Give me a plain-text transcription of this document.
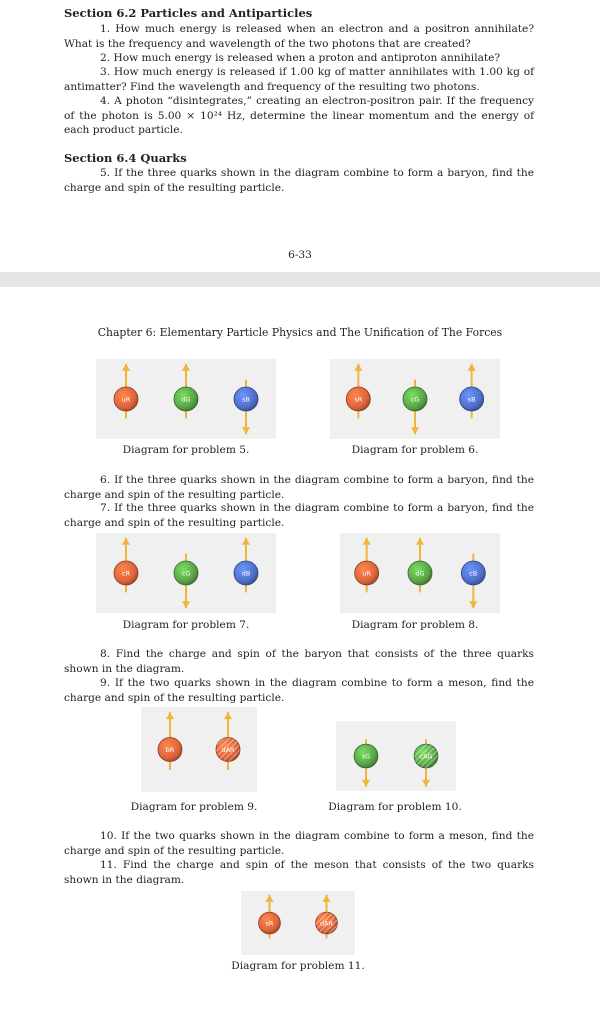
Section 6.2 Particles and Antiparticles
1. How much energy is released when an electron and a positron annihilate? What is the frequency and wavelength of the two photons that are created?
2. How much energy is released when a proton and antiproton annihilate?
3. How much energy is released if 1.00 kg of matter annihilates with 1.00 kg of antimatter? Find the wavelength and frequency of the resulting two photons.
4. A photon “disintegrates,” creating an electron-positron pair. If the frequency of the photon is 5.00 × 10²⁴ Hz, determine the linear momentum and the energy of each product particle.
Section 6.4 Quarks
5. If the three quarks shown in the diagram combine to form a baryon, find the charge and spin of the resulting particle.
6-33
Chapter 6: Elementary Particle Physics and The Unification of The Forces
uR	dG	sB	sR	cG	sB
Diagram for problem 5.	Diagram for problem 6.
6. If the three quarks shown in the diagram combine to form a baryon, find the charge and spin of the resulting particle.
7. If the three quarks shown in the diagram combine to form a baryon, find the charge and spin of the resulting particle.
cR	cG	dB	uR	dG	cB
Diagram for problem 7.	Diagram for problem 8.
8. Find the charge and spin of the baryon that consists of the three quarks shown in the diagram.
9. If the two quarks shown in the diagram combine to form a meson, find the charge and spin of the resulting particle.
bR	dAR
sG	cAG
Diagram for problem 9.	Diagram for problem 10.
10. If the two quarks shown in the diagram combine to form a meson, find the charge and spin of the resulting particle.
11. Find the charge and spin of the meson that consists of the two quarks shown in the diagram.
sR	dAR
Diagram for problem 11.
